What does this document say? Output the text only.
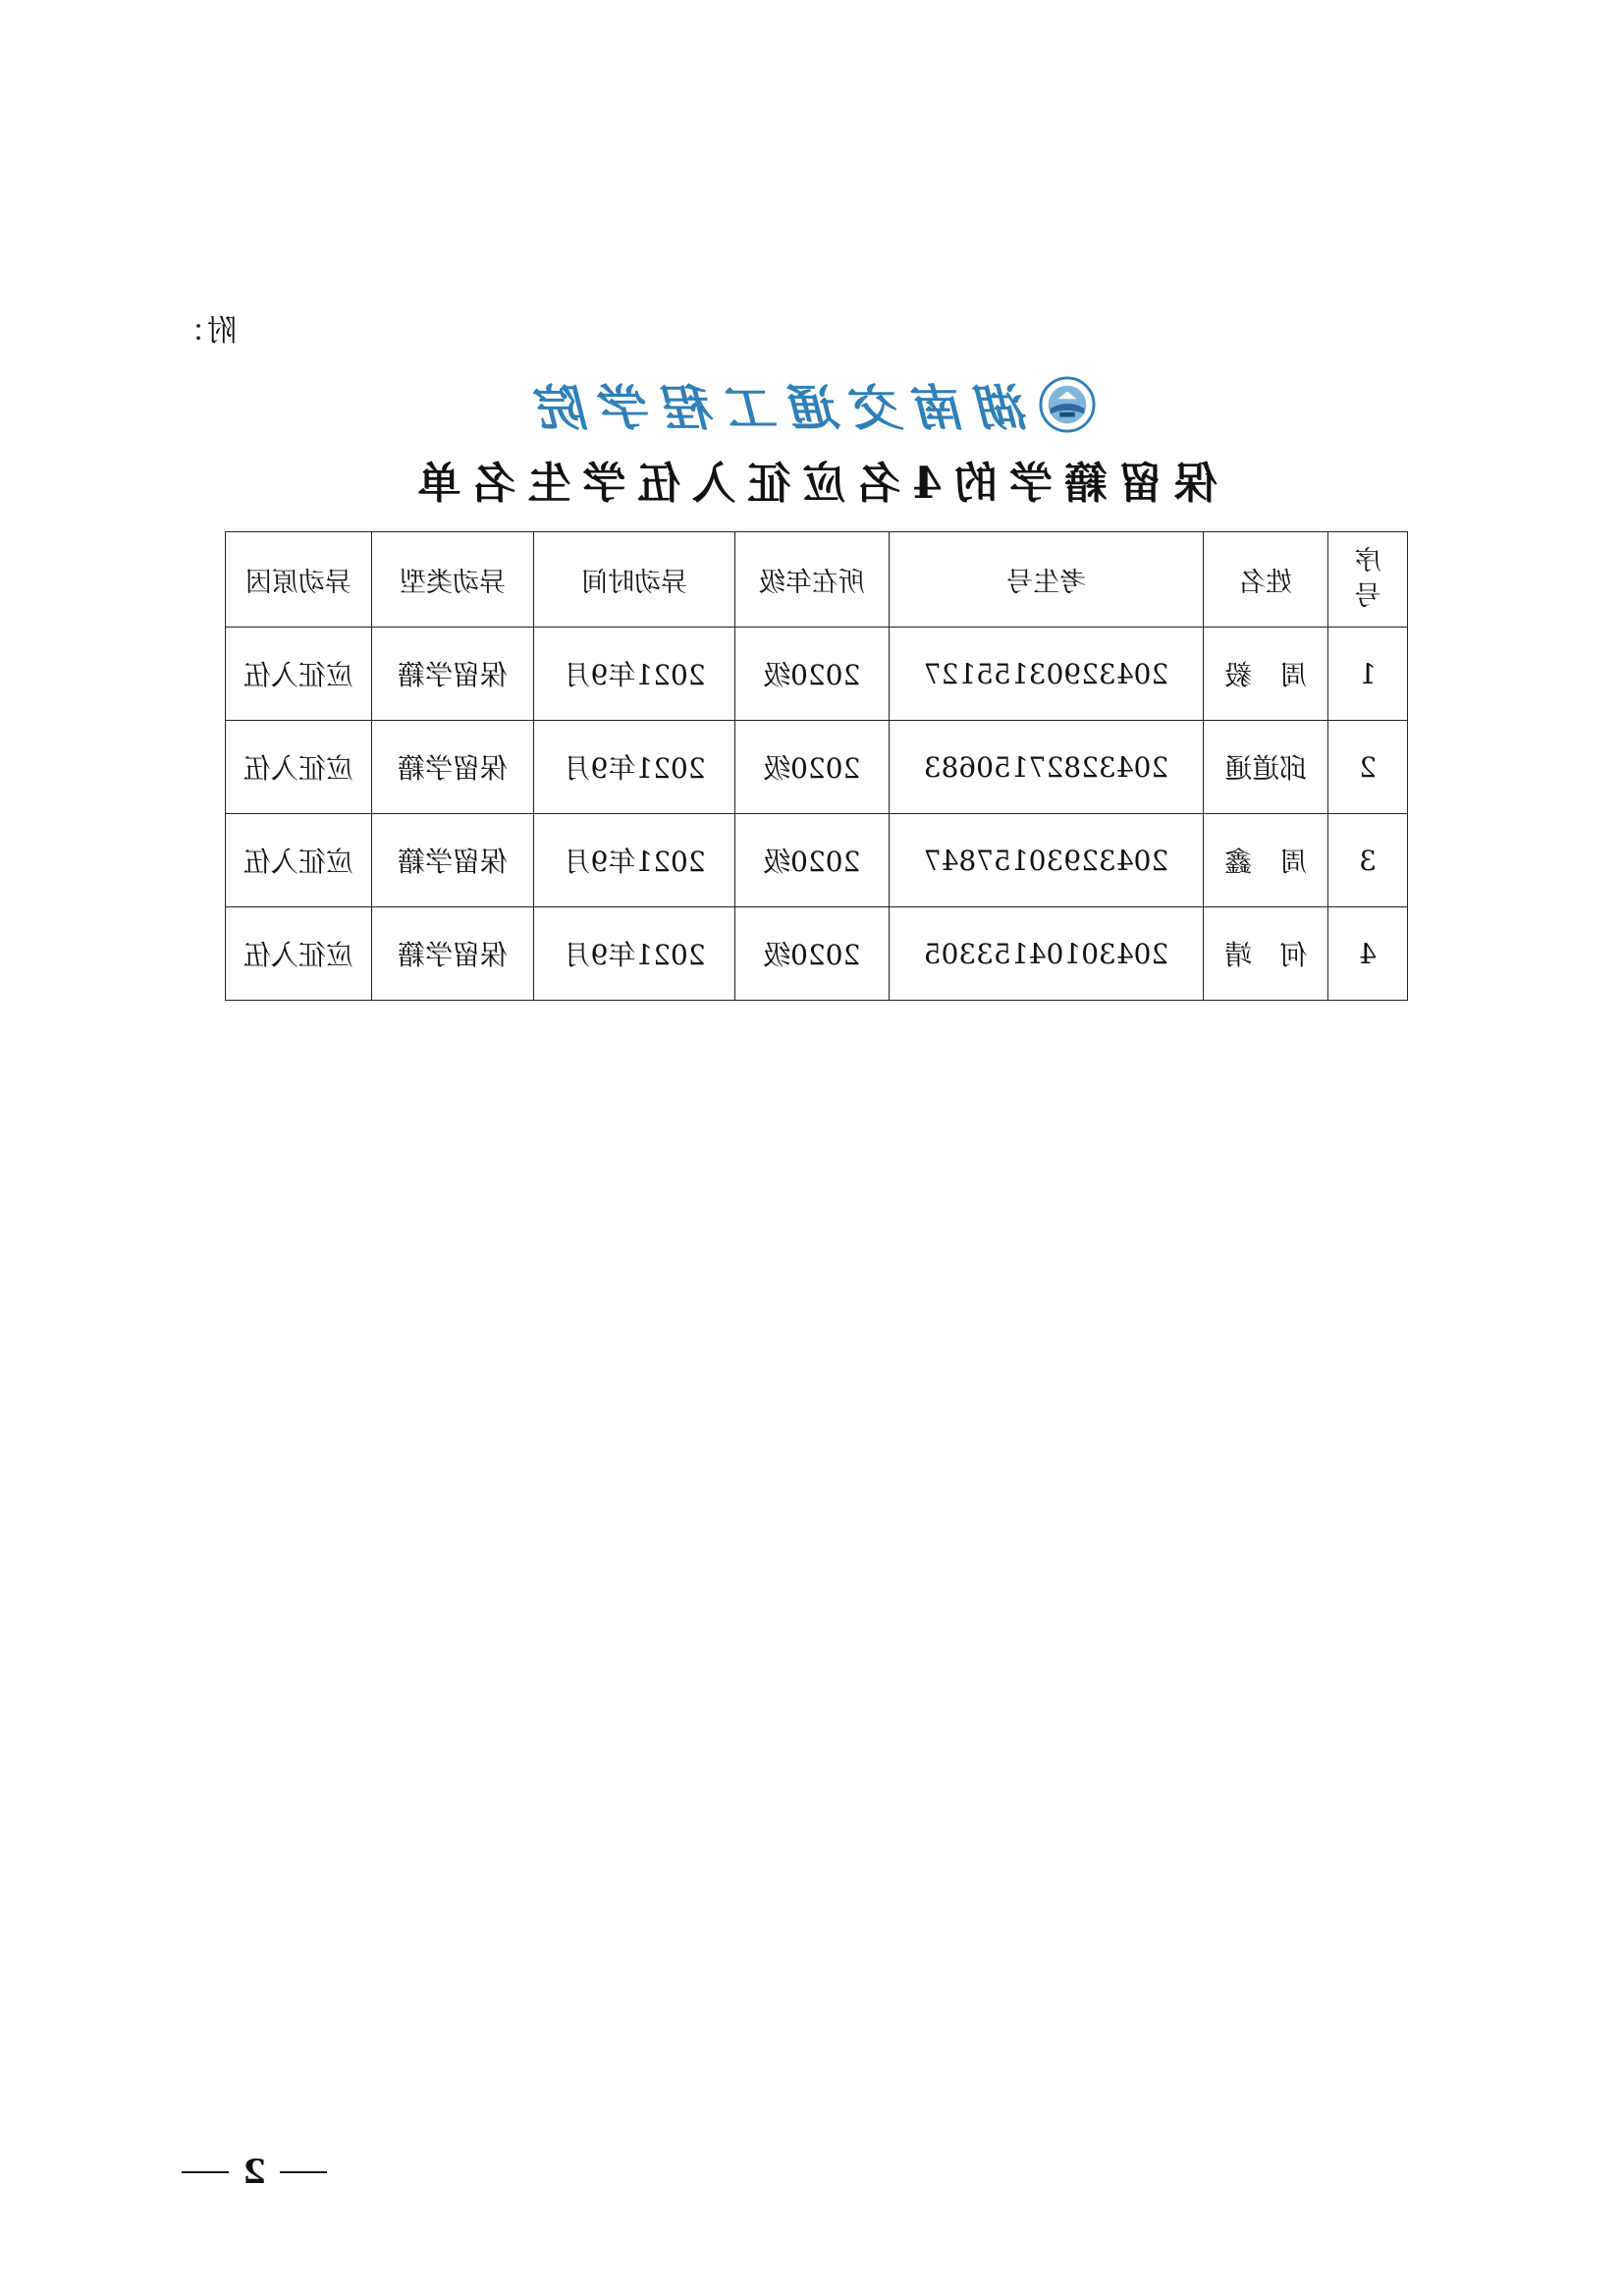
附：
湖南交通工程学院
保留籍学的4名应征入伍学生名单
序
号	姓名	考生号	所在年级	异动时间	异动类型	异动原因
1	周　毅	20432903155127	2020级	2021年9月	保留学籍	应征入伍
2	邱道通	20432827150683	2020级	2021年9月	保留学籍	应征入伍
3	周　鑫	20432930157847	2020级	2021年9月	保留学籍	应征入伍
4	何　靖	20430104153305	2020级	2021年9月	保留学籍	应征入伍
2
